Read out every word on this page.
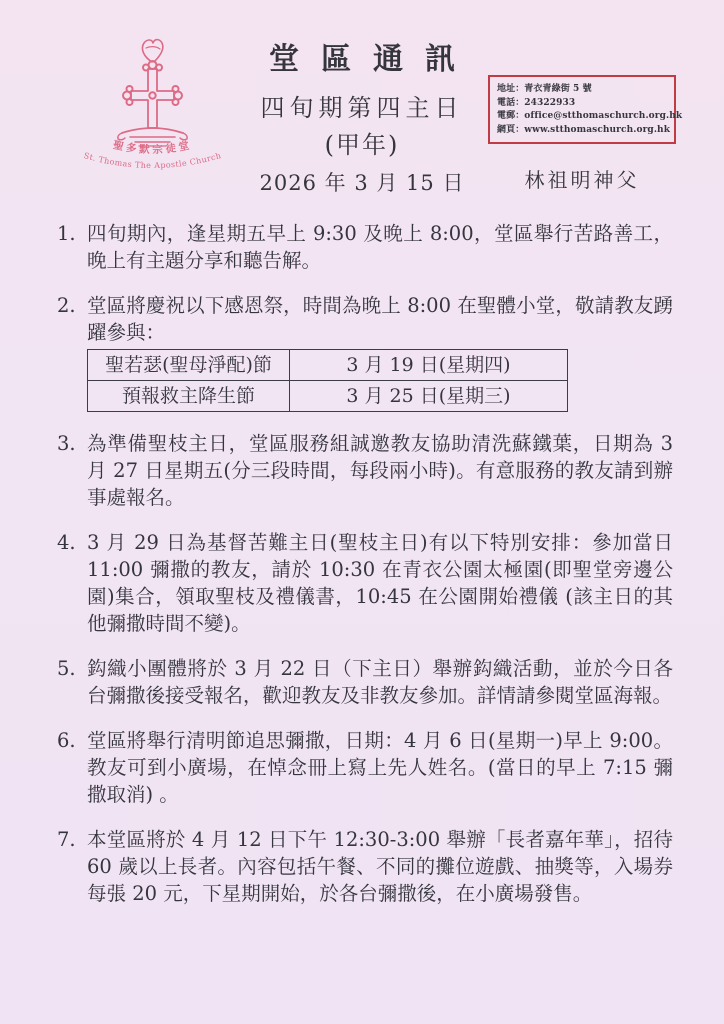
聖多默宗徒堂
St. Thomas The Apostle Church
堂區通訊
四旬期第四主日
(甲年)
2026 年 3 月 15 日
地址：青衣青綠街 5 號
電話：24322933
電郵：office@stthomaschurch.org.hk
網頁：www.stthomaschurch.org.hk
林祖明神父
1. 四旬期內，逢星期五早上 9:30 及晚上 8:00，堂區舉行苦路善工，晚上有主題分享和聽告解。
2. 堂區將慶祝以下感恩祭，時間為晚上 8:00 在聖體小堂，敬請教友踴躍參與：
聖若瑟(聖母淨配)節	3 月 19 日(星期四)
預報救主降生節	3 月 25 日(星期三)
3. 為準備聖枝主日，堂區服務組誠邀教友協助清洗蘇鐵葉，日期為 3 月 27 日星期五(分三段時間，每段兩小時)。有意服務的教友請到辦事處報名。
4. 3 月 29 日為基督苦難主日(聖枝主日)有以下特別安排：參加當日 11:00 彌撒的教友，請於 10:30 在青衣公園太極園(即聖堂旁邊公園)集合，領取聖枝及禮儀書，10:45 在公園開始禮儀 (該主日的其他彌撒時間不變)。
5. 鈎織小團體將於 3 月 22 日（下主日）舉辦鈎織活動，並於今日各台彌撒後接受報名，歡迎教友及非教友參加。詳情請參閱堂區海報。
6. 堂區將舉行清明節追思彌撒，日期：4 月 6 日(星期一)早上 9:00。教友可到小廣場，在悼念冊上寫上先人姓名。(當日的早上 7:15 彌撒取消) 。
7. 本堂區將於 4 月 12 日下午 12:30-3:00 舉辦「長者嘉年華」，招待 60 歲以上長者。內容包括午餐、不同的攤位遊戲、抽獎等，入場券每張 20 元，下星期開始，於各台彌撒後，在小廣場發售。
